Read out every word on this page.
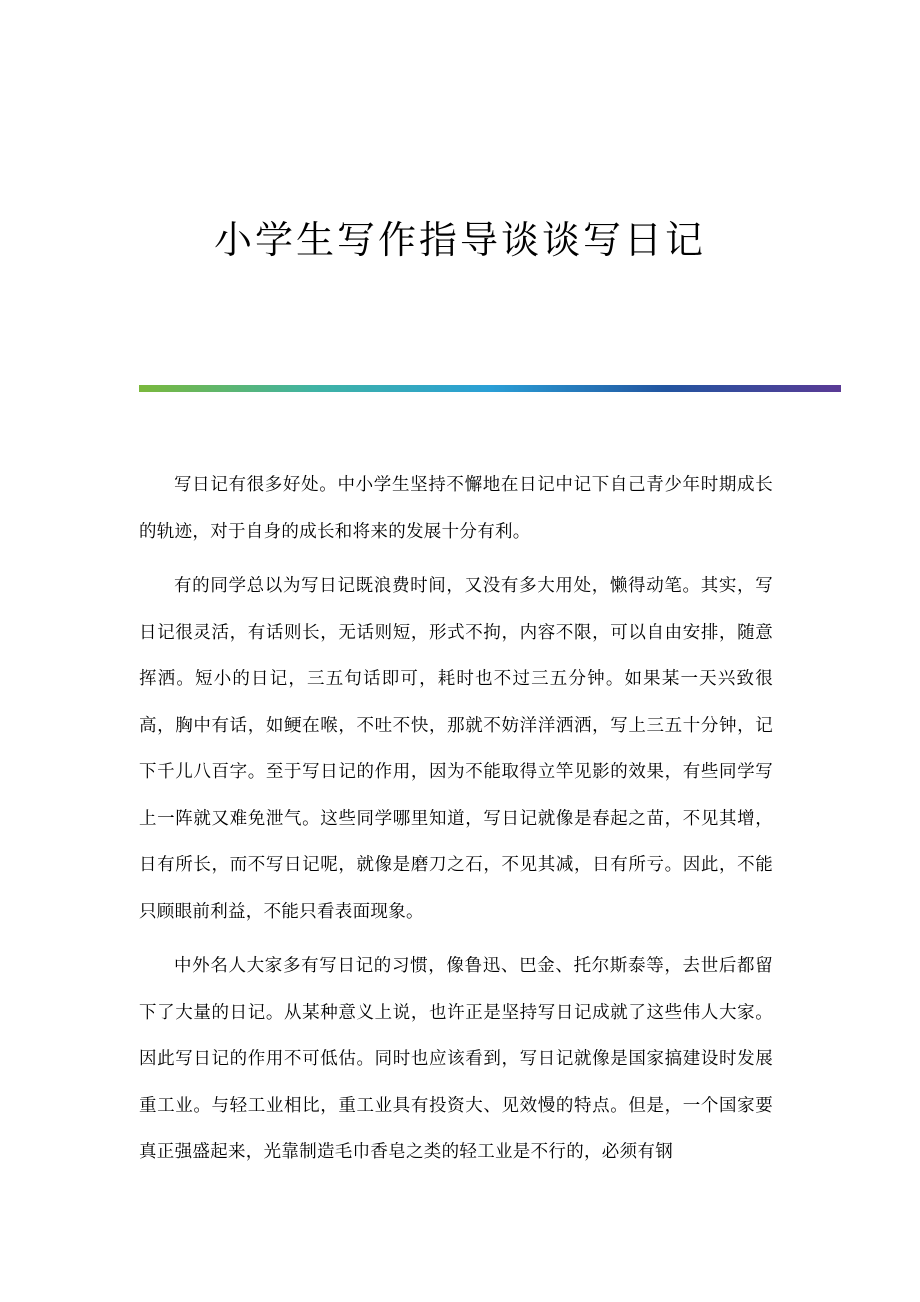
小学生写作指导谈谈写日记

写日记有很多好处。中小学生坚持不懈地在日记中记下自己青少年时期成长的轨迹，对于自身的成长和将来的发展十分有利。

有的同学总以为写日记既浪费时间，又没有多大用处，懒得动笔。其实，写日记很灵活，有话则长，无话则短，形式不拘，内容不限，可以自由安排，随意挥洒。短小的日记，三五句话即可，耗时也不过三五分钟。如果某一天兴致很高，胸中有话，如鲠在喉，不吐不快，那就不妨洋洋洒洒，写上三五十分钟，记下千儿八百字。至于写日记的作用，因为不能取得立竿见影的效果，有些同学写上一阵就又难免泄气。这些同学哪里知道，写日记就像是春起之苗，不见其增，日有所长，而不写日记呢，就像是磨刀之石，不见其减，日有所亏。因此，不能只顾眼前利益，不能只看表面现象。

中外名人大家多有写日记的习惯，像鲁迅、巴金、托尔斯泰等，去世后都留下了大量的日记。从某种意义上说，也许正是坚持写日记成就了这些伟人大家。因此写日记的作用不可低估。同时也应该看到，写日记就像是国家搞建设时发展重工业。与轻工业相比，重工业具有投资大、见效慢的特点。但是，一个国家要真正强盛起来，光靠制造毛巾香皂之类的轻工业是不行的，必须有钢
